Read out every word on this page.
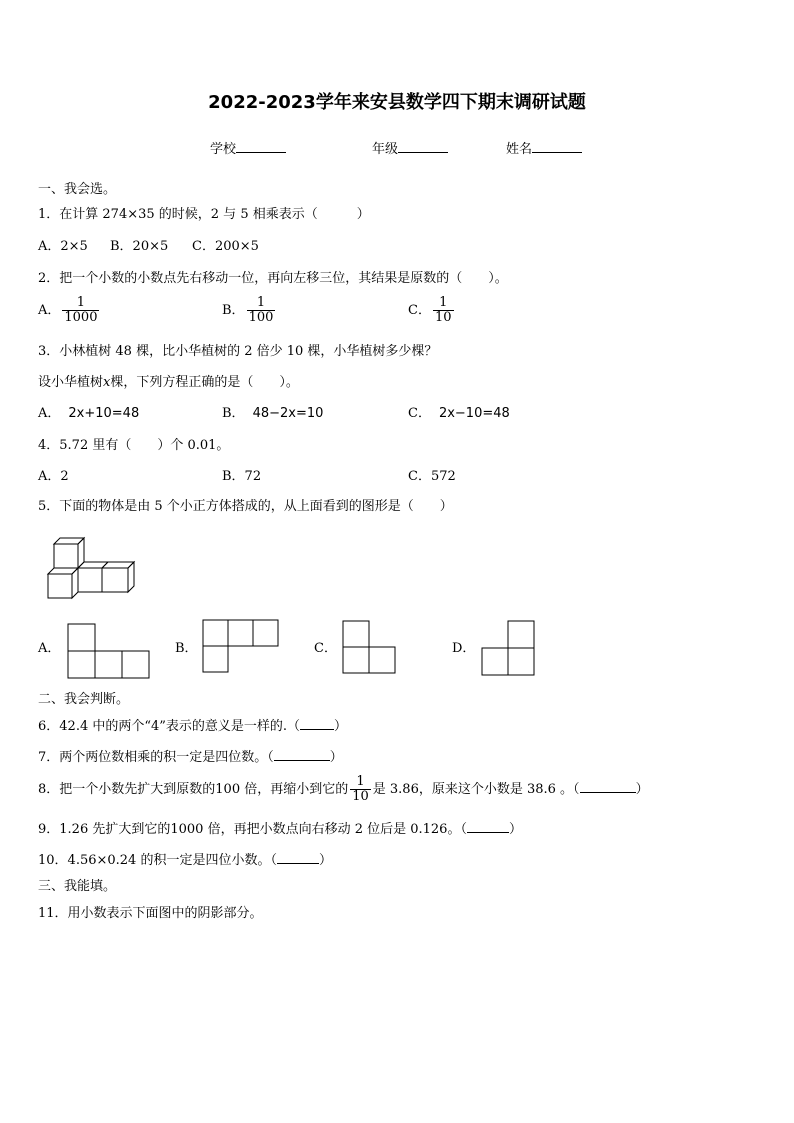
2022-2023学年来安县数学四下期末调研试题
学校	年级	姓名
一、我会选。
1．在计算 274×35 的时候，2 与 5 相乘表示（　　　）
A．2×5 B．20×5 C．200×5
2．把一个小数的小数点先右移动一位，再向左移三位，其结果是原数的（　　）。
A． $\frac{1}{1000}$	B． $\frac{1}{100}$	C． $\frac{1}{10}$
3．小林植树 48 棵，比小华植树的 2 倍少 10 棵，小华植树多少棵？
设小华植树x棵，下列方程正确的是（　　）。
A． 2x+10=48	B． 48−2x=10	C． 2x−10=48
4．5.72 里有（　　）个 0.01。
A．2	B．72	C．572
5．下面的物体是由 5 个小正方体搭成的，从上面看到的图形是（　　）
A．	B．	C．	D．
二、我会判断。
6．42.4 中的两个“4”表示的意义是一样的.（	）
7．两个两位数相乘的积一定是四位数。（	）
8．把一个小数先扩大到原数的100 倍，再缩小到它的 $\frac{1}{10}$ 是 3.86，原来这个小数是 38.6 。（	）
9．1.26 先扩大到它的1000 倍，再把小数点向右移动 2 位后是 0.126。（	）
10．4.56×0.24 的积一定是四位小数。（	）
三、我能填。
11．用小数表示下面图中的阴影部分。
